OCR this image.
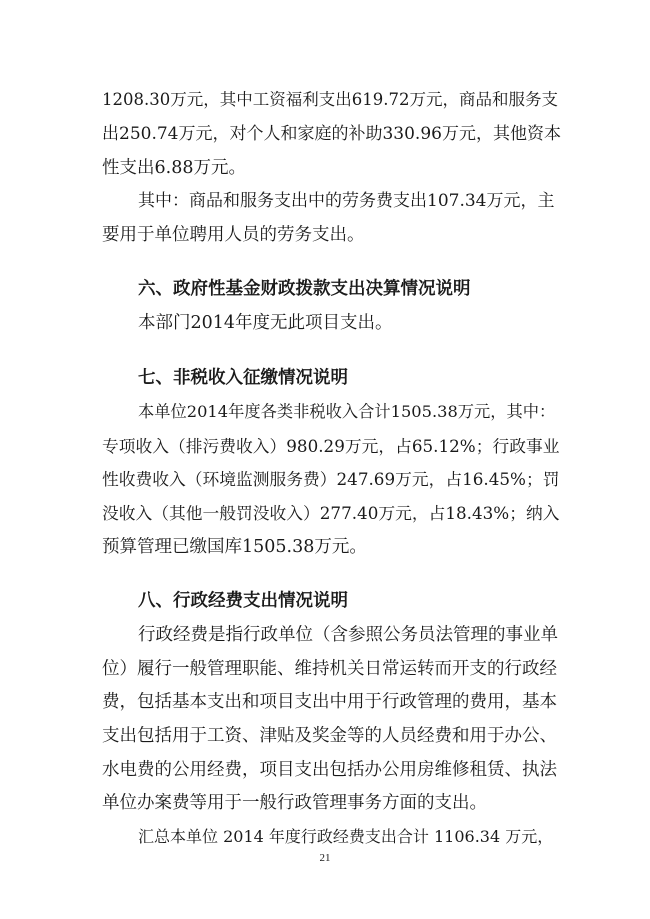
1208.30万元，其中工资福利支出619.72万元，商品和服务支
出250.74万元，对个人和家庭的补助330.96万元，其他资本
性支出6.88万元。
其中：商品和服务支出中的劳务费支出107.34万元，主
要用于单位聘用人员的劳务支出。
六、政府性基金财政拨款支出决算情况说明
本部门2014年度无此项目支出。
七、非税收入征缴情况说明
本单位2014年度各类非税收入合计1505.38万元，其中：
专项收入（排污费收入）980.29万元，占65.12%；行政事业
性收费收入（环境监测服务费）247.69万元，占16.45%；罚
没收入（其他一般罚没收入）277.40万元，占18.43%；纳入
预算管理已缴国库1505.38万元。
八、行政经费支出情况说明
行政经费是指行政单位（含参照公务员法管理的事业单
位）履行一般管理职能、维持机关日常运转而开支的行政经
费，包括基本支出和项目支出中用于行政管理的费用，基本
支出包括用于工资、津贴及奖金等的人员经费和用于办公、
水电费的公用经费，项目支出包括办公用房维修租赁、执法
单位办案费等用于一般行政管理事务方面的支出。
汇总本单位 2014 年度行政经费支出合计 1106.34 万元，
21
